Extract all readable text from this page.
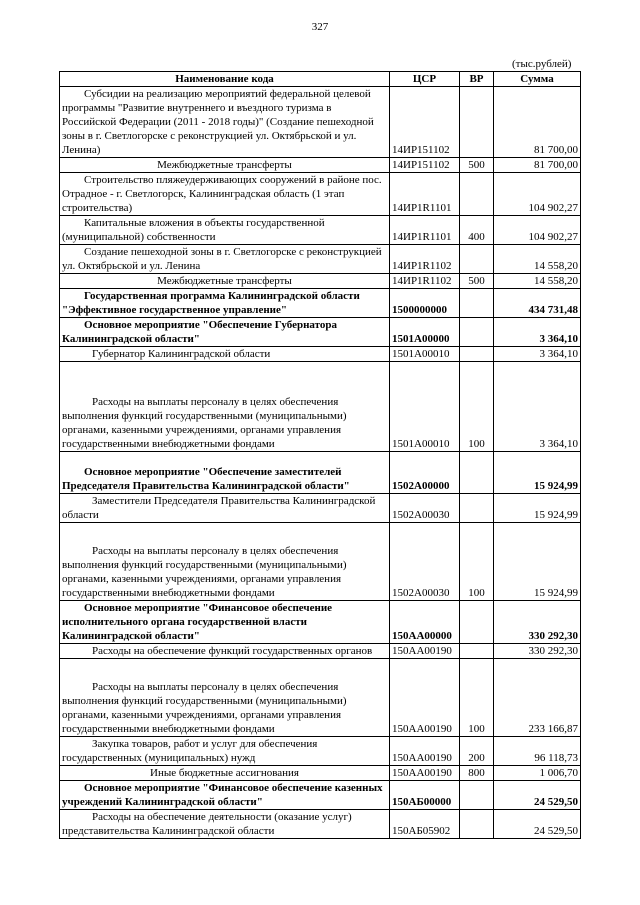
327
(тыс.рублей)
Наименование кода	ЦСР	ВР	Сумма
Субсидии на реализацию мероприятий федеральной целевой программы "Развитие внутреннего и въездного туризма в Российской Федерации (2011 - 2018 годы)" (Создание пешеходной зоны в г. Светлогорске с реконструкцией ул. Октябрьской и ул. Ленина)	14ИР151102		81 700,00
Межбюджетные трансферты	14ИР151102	500	81 700,00
Строительство пляжеудерживающих сооружений в районе пос. Отрадное - г. Светлогорск, Калининградская область (1 этап строительства)	14ИР1R1101		104 902,27
Капитальные вложения в объекты государственной (муниципальной) собственности	14ИР1R1101	400	104 902,27
Создание пешеходной зоны в г. Светлогорске с реконструкцией ул. Октябрьской и ул. Ленина	14ИР1R1102		14 558,20
Межбюджетные трансферты	14ИР1R1102	500	14 558,20
Государственная программа Калининградской области "Эффективное государственное управление"	1500000000		434 731,48
Основное мероприятие "Обеспечение Губернатора Калининградской области"	1501А00000		3 364,10
Губернатор Калининградской области	1501А00010		3 364,10
Расходы на выплаты персоналу в целях обеспечения выполнения функций государственными (муниципальными) органами, казенными учреждениями, органами управления государственными внебюджетными фондами	1501А00010	100	3 364,10
Основное мероприятие "Обеспечение заместителей Председателя Правительства Калининградской области"	1502А00000		15 924,99
Заместители Председателя Правительства Калининградской области	1502А00030		15 924,99
Расходы на выплаты персоналу в целях обеспечения выполнения функций государственными (муниципальными) органами, казенными учреждениями, органами управления государственными внебюджетными фондами	1502А00030	100	15 924,99
Основное мероприятие "Финансовое обеспечение исполнительного органа государственной власти Калининградской области"	150АА00000		330 292,30
Расходы на обеспечение функций государственных органов	150АА00190		330 292,30
Расходы на выплаты персоналу в целях обеспечения выполнения функций государственными (муниципальными) органами, казенными учреждениями, органами управления государственными внебюджетными фондами	150АА00190	100	233 166,87
Закупка товаров, работ и услуг для обеспечения государственных (муниципальных) нужд	150АА00190	200	96 118,73
Иные бюджетные ассигнования	150АА00190	800	1 006,70
Основное мероприятие "Финансовое обеспечение казенных учреждений Калининградской области"	150АБ00000		24 529,50
Расходы на обеспечение деятельности (оказание услуг) представительства Калининградской области	150АБ05902		24 529,50
